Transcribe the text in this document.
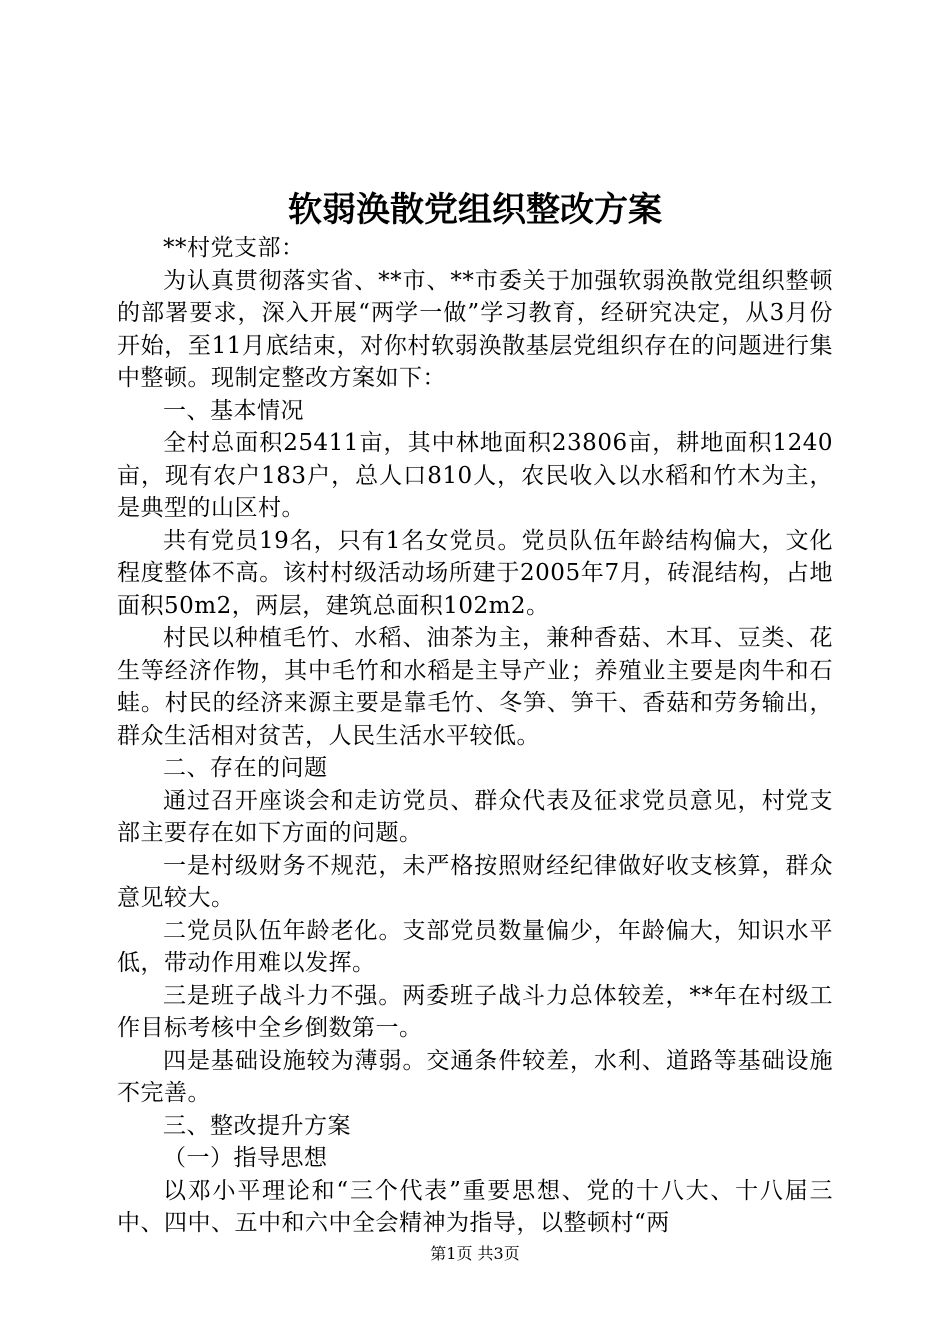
软弱涣散党组织整改方案

**村党支部：

为认真贯彻落实省、**市、**市委关于加强软弱涣散党组织整顿的部署要求，深入开展“两学一做”学习教育，经研究决定，从3月份开始，至11月底结束，对你村软弱涣散基层党组织存在的问题进行集中整顿。现制定整改方案如下：

一、基本情况

全村总面积25411亩，其中林地面积23806亩，耕地面积1240亩，现有农户183户，总人口810人，农民收入以水稻和竹木为主，是典型的山区村。

共有党员19名，只有1名女党员。党员队伍年龄结构偏大，文化程度整体不高。该村村级活动场所建于2005年7月，砖混结构，占地面积50m2，两层，建筑总面积102m2。

村民以种植毛竹、水稻、油茶为主，兼种香菇、木耳、豆类、花生等经济作物，其中毛竹和水稻是主导产业；养殖业主要是肉牛和石蛙。村民的经济来源主要是靠毛竹、冬笋、笋干、香菇和劳务输出，群众生活相对贫苦，人民生活水平较低。

二、存在的问题

通过召开座谈会和走访党员、群众代表及征求党员意见，村党支部主要存在如下方面的问题。

一是村级财务不规范，未严格按照财经纪律做好收支核算，群众意见较大。

二党员队伍年龄老化。支部党员数量偏少，年龄偏大，知识水平低，带动作用难以发挥。

三是班子战斗力不强。两委班子战斗力总体较差，**年在村级工作目标考核中全乡倒数第一。

四是基础设施较为薄弱。交通条件较差，水利、道路等基础设施不完善。

三、整改提升方案

（一）指导思想

以邓小平理论和“三个代表”重要思想、党的十八大、十八届三中、四中、五中和六中全会精神为指导，以整顿村“两

第1页 共3页
